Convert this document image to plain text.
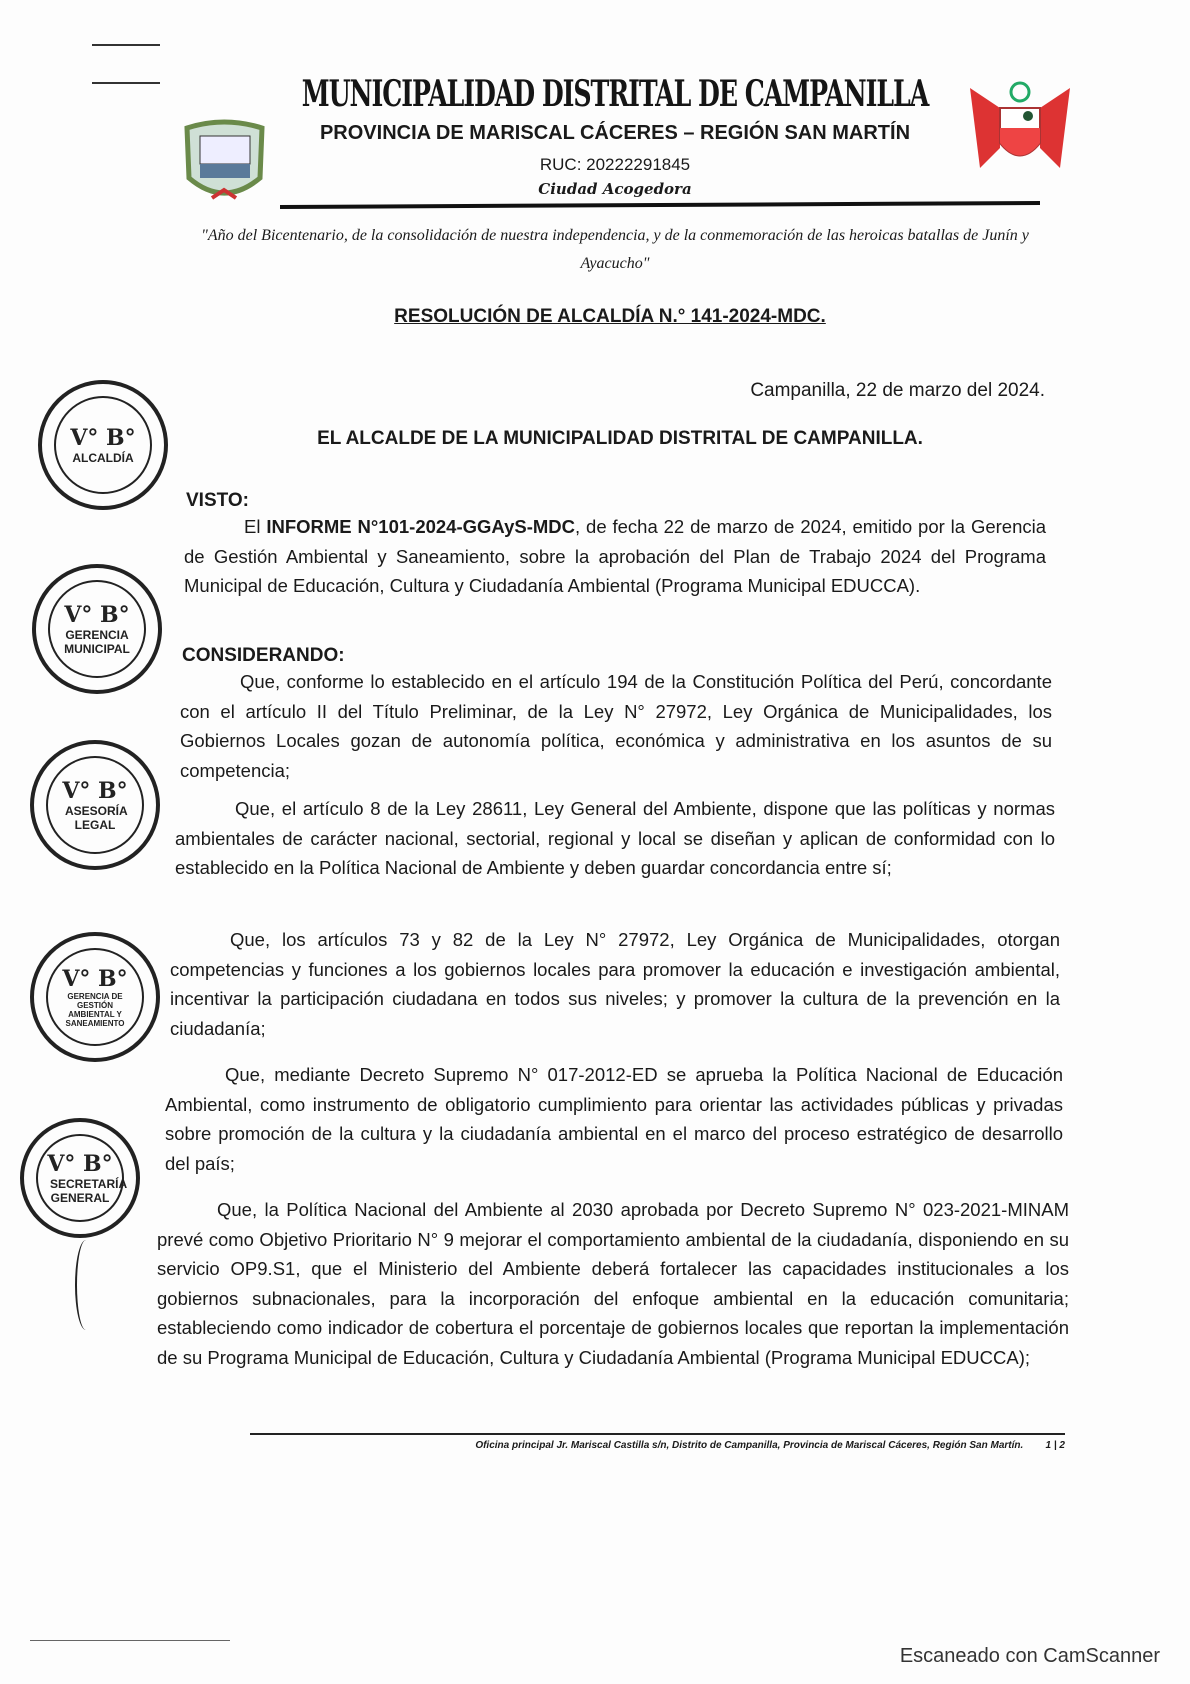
MUNICIPALIDAD DISTRITAL DE CAMPANILLA
PROVINCIA DE MARISCAL CÁCERES – REGIÓN SAN MARTÍN
RUC: 20222291845
Ciudad Acogedora
"Año del Bicentenario, de la consolidación de nuestra independencia, y de la conmemoración de las heroicas batallas de Junín y Ayacucho"
RESOLUCIÓN DE ALCALDÍA N.° 141-2024-MDC.
Campanilla, 22 de marzo del 2024.
EL ALCALDE DE LA MUNICIPALIDAD DISTRITAL DE CAMPANILLA.
VISTO:
El INFORME N°101-2024-GGAyS-MDC, de fecha 22 de marzo de 2024, emitido por la Gerencia de Gestión Ambiental y Saneamiento, sobre la aprobación del Plan de Trabajo 2024 del Programa Municipal de Educación, Cultura y Ciudadanía Ambiental (Programa Municipal EDUCCA).
CONSIDERANDO:
Que, conforme lo establecido en el artículo 194 de la Constitución Política del Perú, concordante con el artículo II del Título Preliminar, de la Ley N° 27972, Ley Orgánica de Municipalidades, los Gobiernos Locales gozan de autonomía política, económica y administrativa en los asuntos de su competencia;
Que, el artículo 8 de la Ley 28611, Ley General del Ambiente, dispone que las políticas y normas ambientales de carácter nacional, sectorial, regional y local se diseñan y aplican de conformidad con lo establecido en la Política Nacional de Ambiente y deben guardar concordancia entre sí;
Que, los artículos 73 y 82 de la Ley N° 27972, Ley Orgánica de Municipalidades, otorgan competencias y funciones a los gobiernos locales para promover la educación e investigación ambiental, incentivar la participación ciudadana en todos sus niveles; y promover la cultura de la prevención en la ciudadanía;
Que, mediante Decreto Supremo N° 017-2012-ED se aprueba la Política Nacional de Educación Ambiental, como instrumento de obligatorio cumplimiento para orientar las actividades públicas y privadas sobre promoción de la cultura y la ciudadanía ambiental en el marco del proceso estratégico de desarrollo del país;
Que, la Política Nacional del Ambiente al 2030 aprobada por Decreto Supremo N° 023-2021-MINAM prevé como Objetivo Prioritario N° 9 mejorar el comportamiento ambiental de la ciudadanía, disponiendo en su servicio OP9.S1, que el Ministerio del Ambiente deberá fortalecer las capacidades institucionales a los gobiernos subnacionales, para la incorporación del enfoque ambiental en la educación comunitaria; estableciendo como indicador de cobertura el porcentaje de gobiernos locales que reportan la implementación de su Programa Municipal de Educación, Cultura y Ciudadanía Ambiental (Programa Municipal EDUCCA);
V° B°
ALCALDÍA
V° B°
GERENCIA MUNICIPAL
V° B°
ASESORÍA LEGAL
V° B°
GERENCIA DE GESTIÓN AMBIENTAL Y SANEAMIENTO
V° B°
SECRETARÍA GENERAL
Oficina principal Jr. Mariscal Castilla s/n, Distrito de Campanilla, Provincia de Mariscal Cáceres, Región San Martín. 1 | 2
Escaneado con CamScanner
